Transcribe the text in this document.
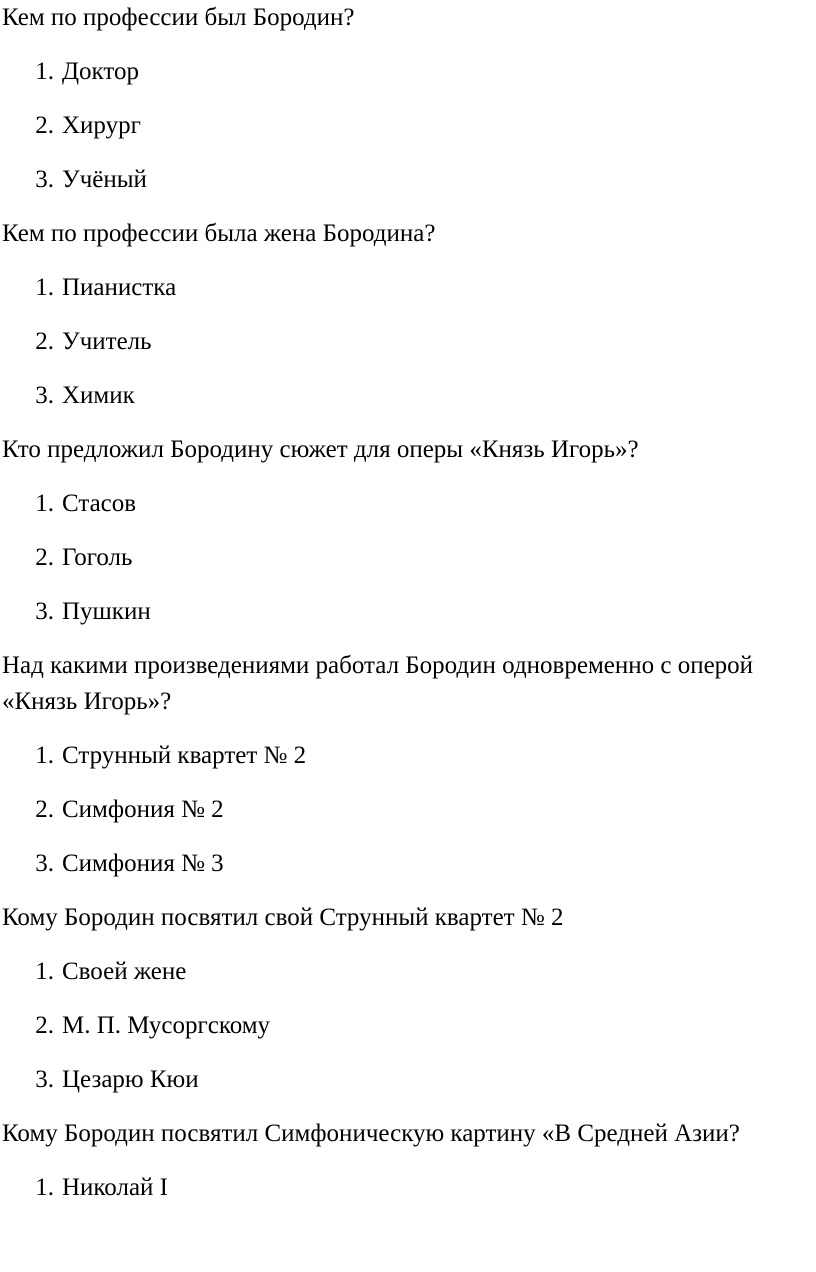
Кем по профессии был Бородин?

1. Доктор
2. Хирург
3. Учёный

Кем по профессии была жена Бородина?

1. Пианистка
2. Учитель
3. Химик

Кто предложил Бородину сюжет для оперы «Князь Игорь»?

1. Стасов
2. Гоголь
3. Пушкин

Над какими произведениями работал Бородин одновременно с оперой «Князь Игорь»?

1. Струнный квартет № 2
2. Симфония № 2
3. Симфония № 3

Кому Бородин посвятил свой Струнный квартет № 2

1. Своей жене
2. М. П. Мусоргскому
3. Цезарю Кюи

Кому Бородин посвятил Симфоническую картину «В Средней Азии?

1. Николай I
